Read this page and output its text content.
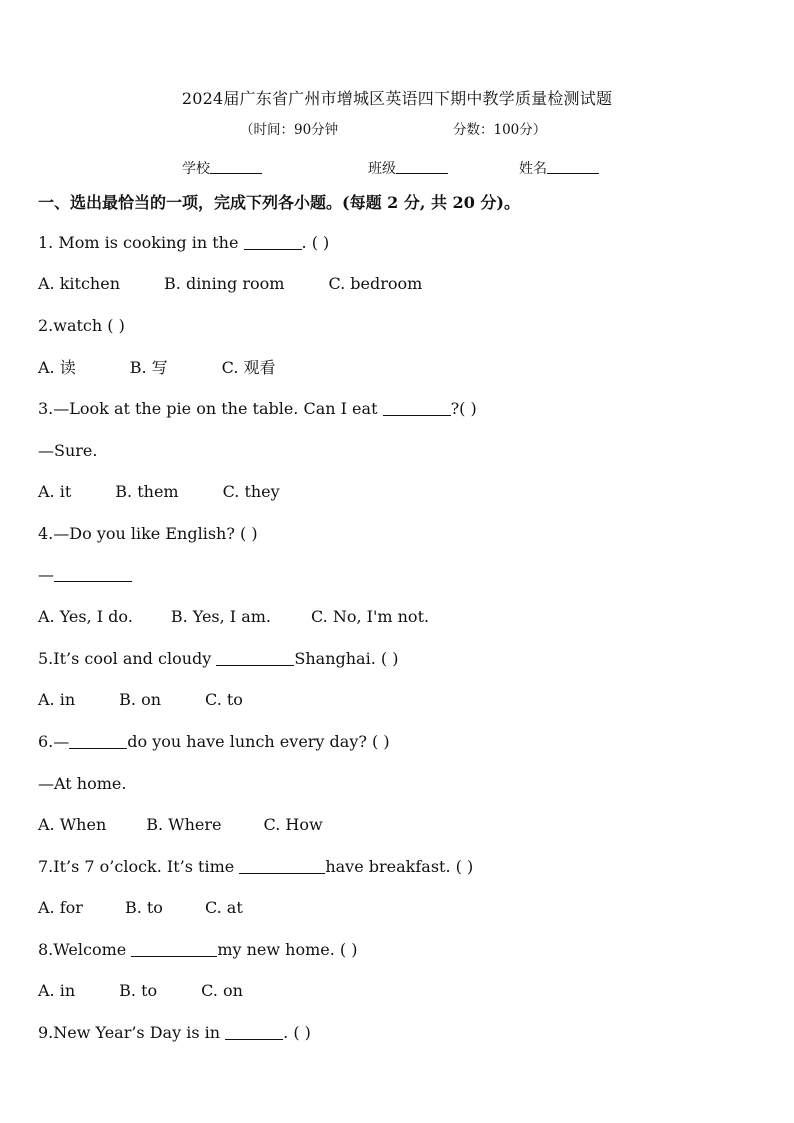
2024届广东省广州市增城区英语四下期中教学质量检测试题
（时间：90分钟	分数：100分）
学校	班级	姓名
一、选出最恰当的一项，完成下列各小题。(每题 2 分, 共 20 分)。
1. Mom is cooking in the	. ( )
A. kitchen	B. dining room	C. bedroom
2.watch ( )
A. 读	B. 写	C. 观看
3.—Look at the pie on the table. Can I eat	?( )
—Sure.
A. it	B. them	C. they
4.—Do you like English? ( )
—
A. Yes, I do. B. Yes, I am.	C. No, I'm not.
5.It’s cool and cloudy	Shanghai. ( )
A. in	B. on	C. to
6.—	do you have lunch every day? ( )
—At home.
A. When	B. Where	C. How
7.It’s 7 o’clock. It’s time	have breakfast. ( )
A. for	B. to	C. at
8.Welcome	my new home. ( )
A. in	B. to	C. on
9.New Year’s Day is in	. ( )
